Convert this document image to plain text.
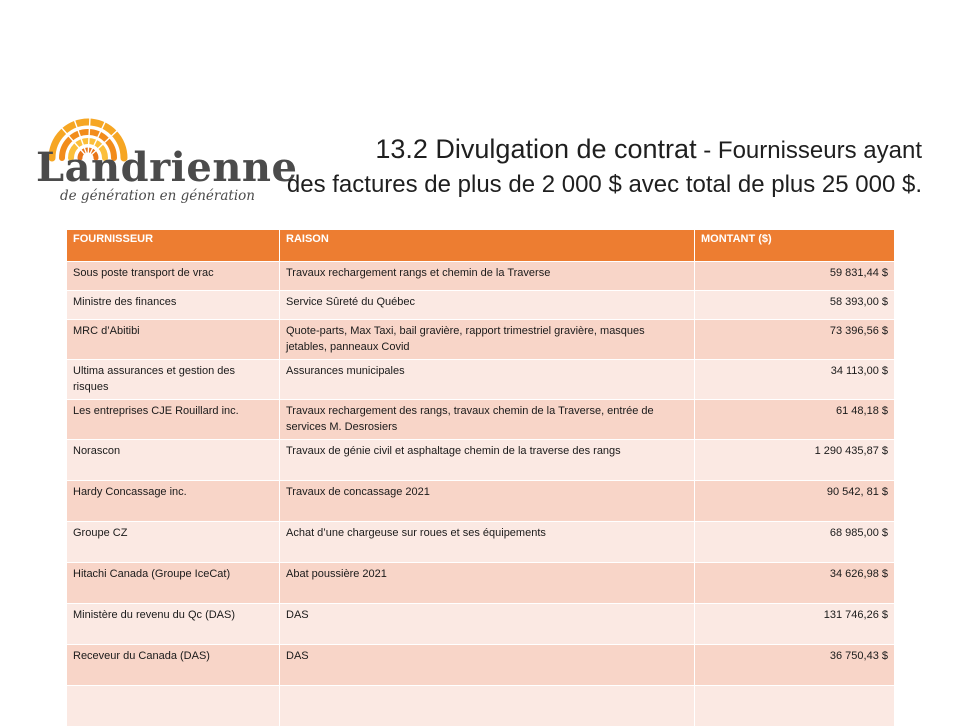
Landrienne
de génération en génération
13.2 Divulgation de contrat - Fournisseurs ayant
des factures de plus de 2 000 $ avec total de plus 25 000 $.
FOURNISSEUR	RAISON	MONTANT ($)
Sous poste transport de vrac	Travaux rechargement rangs et chemin de la Traverse	59 831,44 $
Ministre des finances	Service Sûreté du Québec	58 393,00 $
MRC d’Abitibi	Quote-parts, Max Taxi, bail gravière, rapport trimestriel gravière, masques jetables, panneaux Covid	73 396,56 $
Ultima assurances et gestion des risques	Assurances municipales	34 113,00 $
Les entreprises CJE Rouillard inc.	Travaux rechargement des rangs, travaux chemin de la Traverse, entrée de services M. Desrosiers	61 48,18 $
Norascon	Travaux de génie civil et asphaltage chemin de la traverse des rangs	1 290 435,87 $
Hardy Concassage inc.	Travaux de concassage 2021	90 542, 81 $
Groupe CZ	Achat d’une chargeuse sur roues et ses équipements	68 985,00 $
Hitachi Canada (Groupe IceCat)	Abat poussière 2021	34 626,98 $
Ministère du revenu du Qc (DAS)	DAS	131 746,26 $
Receveur du Canada (DAS)	DAS	36 750,43 $
